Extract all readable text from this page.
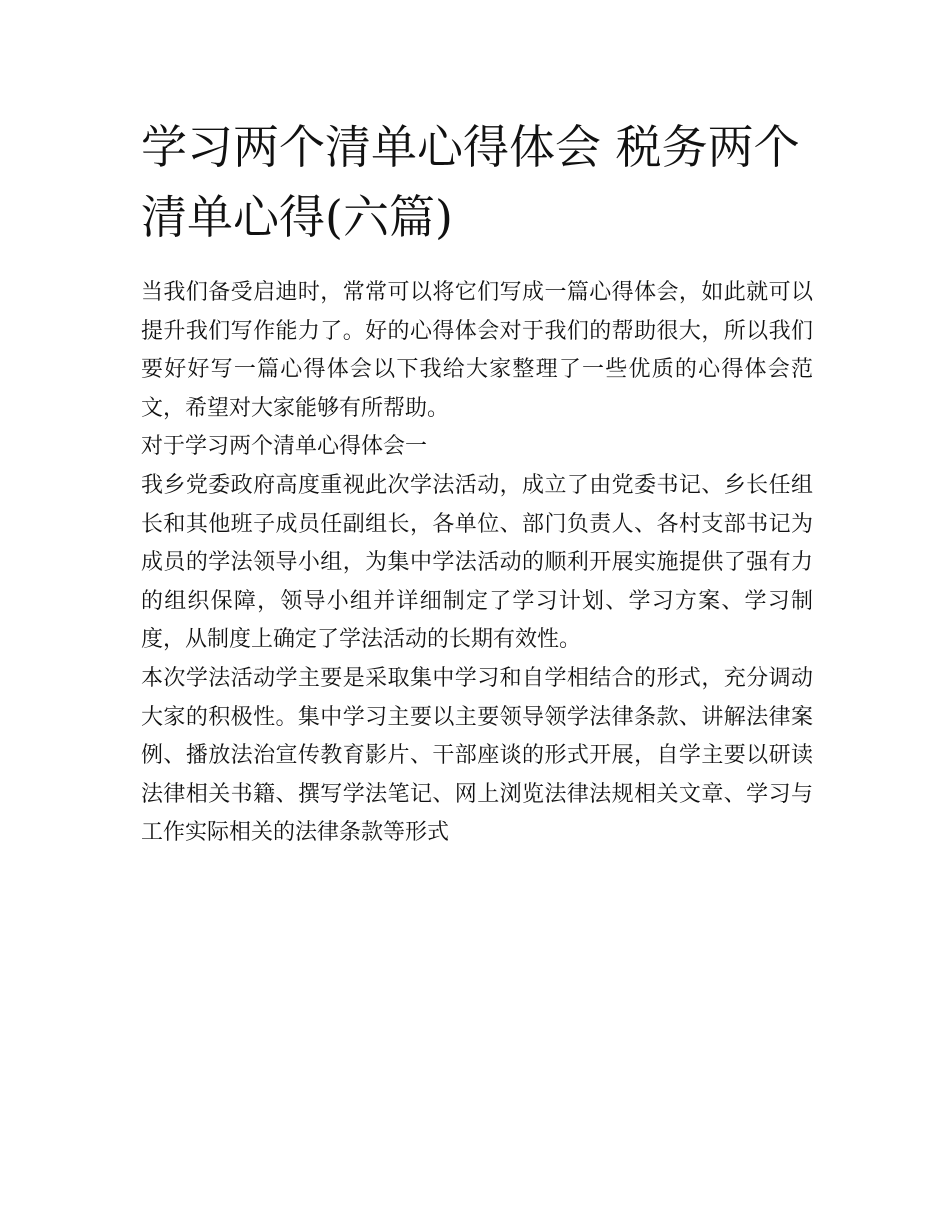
学习两个清单心得体会 税务两个清单心得(六篇)

当我们备受启迪时，常常可以将它们写成一篇心得体会，如此就可以提升我们写作能力了。好的心得体会对于我们的帮助很大，所以我们要好好写一篇心得体会以下我给大家整理了一些优质的心得体会范文，希望对大家能够有所帮助。

对于学习两个清单心得体会一

我乡党委政府高度重视此次学法活动，成立了由党委书记、乡长任组长和其他班子成员任副组长，各单位、部门负责人、各村支部书记为成员的学法领导小组，为集中学法活动的顺利开展实施提供了强有力的组织保障，领导小组并详细制定了学习计划、学习方案、学习制度，从制度上确定了学法活动的长期有效性。

本次学法活动学主要是采取集中学习和自学相结合的形式，充分调动大家的积极性。集中学习主要以主要领导领学法律条款、讲解法律案例、播放法治宣传教育影片、干部座谈的形式开展，自学主要以研读法律相关书籍、撰写学法笔记、网上浏览法律法规相关文章、学习与工作实际相关的法律条款等形式
